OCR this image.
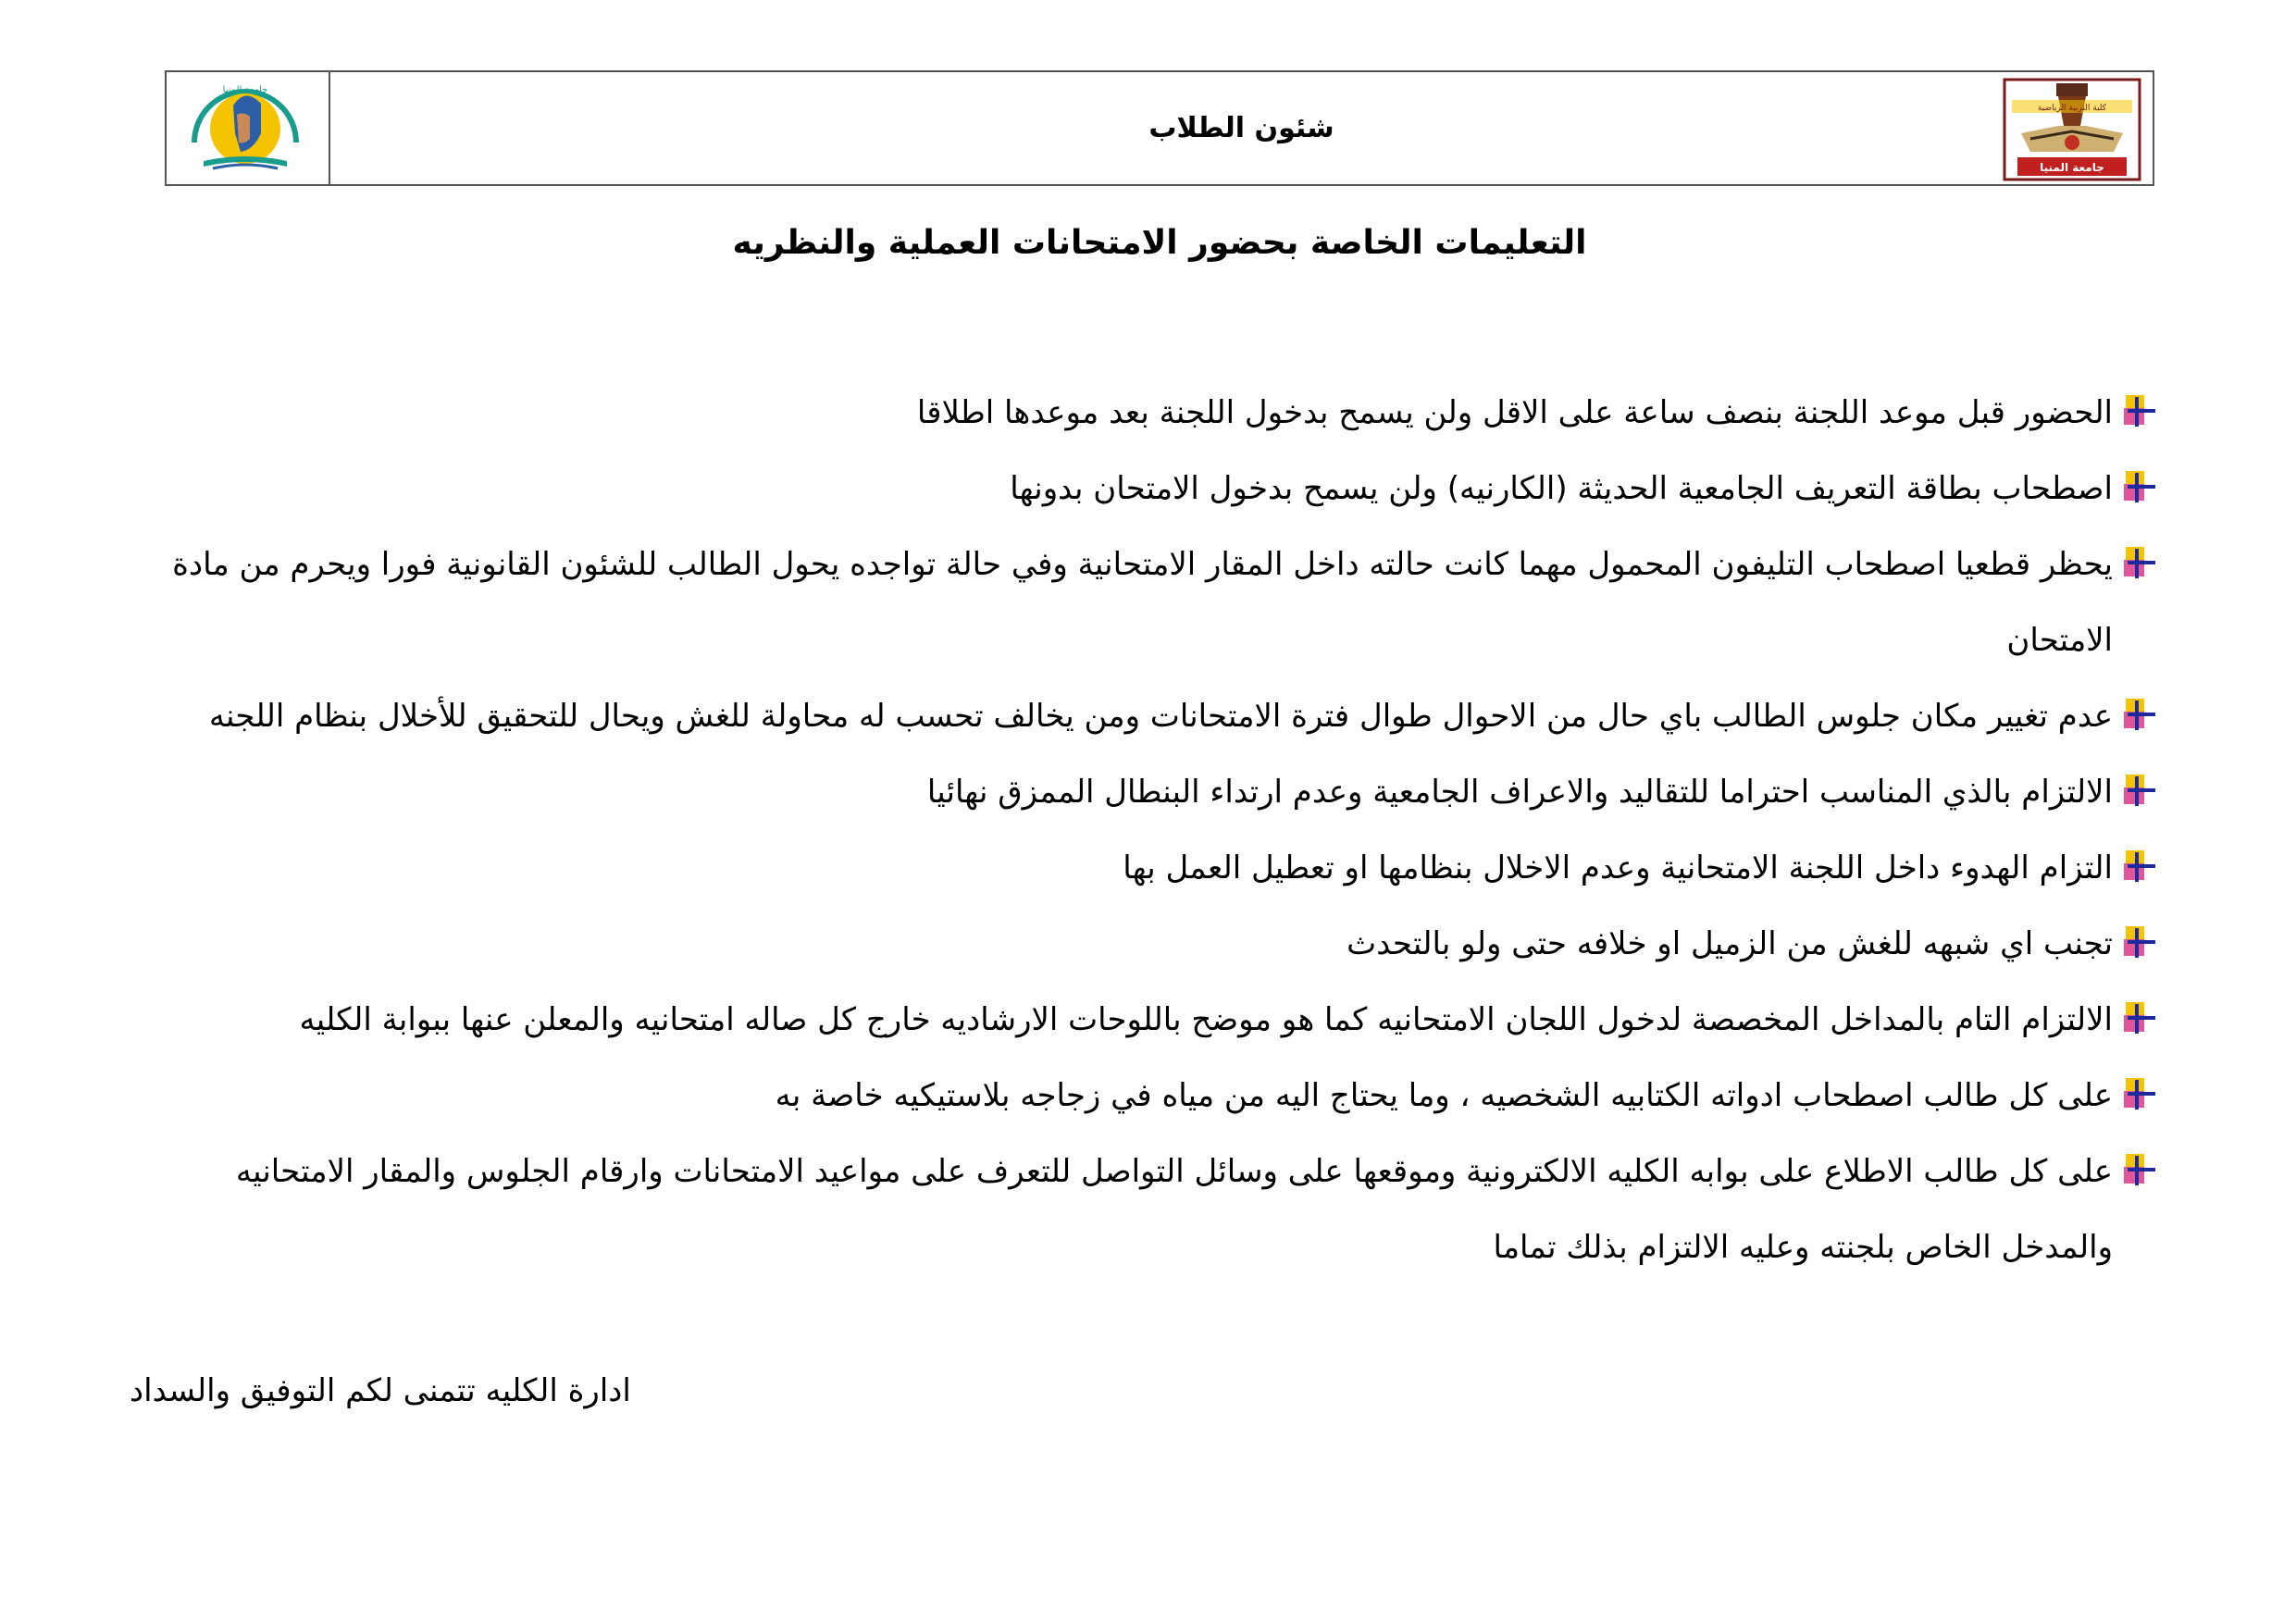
جامعة المنيا
شئون الطلاب
كلية التربية الرياضية
جامعة المنيا
التعليمات الخاصة بحضور الامتحانات العملية والنظريه
الحضور قبل موعد اللجنة بنصف ساعة على الاقل ولن يسمح بدخول اللجنة بعد موعدها اطلاقا
اصطحاب بطاقة التعريف الجامعية الحديثة (الكارنيه) ولن يسمح بدخول الامتحان بدونها
يحظر قطعيا اصطحاب التليفون المحمول مهما كانت حالته داخل المقار الامتحانية وفي حالة تواجده يحول الطالب للشئون القانونية فورا ويحرم من مادة الامتحان
عدم تغيير مكان جلوس الطالب باي حال من الاحوال طوال فترة الامتحانات ومن يخالف تحسب له محاولة للغش ويحال للتحقيق للأخلال بنظام اللجنه
الالتزام بالذي المناسب احتراما للتقاليد والاعراف الجامعية وعدم ارتداء البنطال الممزق نهائيا
التزام الهدوء داخل اللجنة الامتحانية وعدم الاخلال بنظامها او تعطيل العمل بها
تجنب اي شبهه للغش من الزميل او خلافه حتى ولو بالتحدث
الالتزام التام بالمداخل المخصصة لدخول اللجان الامتحانيه كما هو موضح باللوحات الارشاديه خارج كل صاله امتحانيه والمعلن عنها ببوابة الكليه
على كل طالب اصطحاب ادواته الكتابيه الشخصيه ، وما يحتاج اليه من مياه في زجاجه بلاستيكيه خاصة به
على كل طالب الاطلاع على بوابه الكليه الالكترونية وموقعها على وسائل التواصل للتعرف على مواعيد الامتحانات وارقام الجلوس والمقار الامتحانيه والمدخل الخاص بلجنته وعليه الالتزام بذلك تماما
ادارة الكليه تتمنى لكم التوفيق والسداد
